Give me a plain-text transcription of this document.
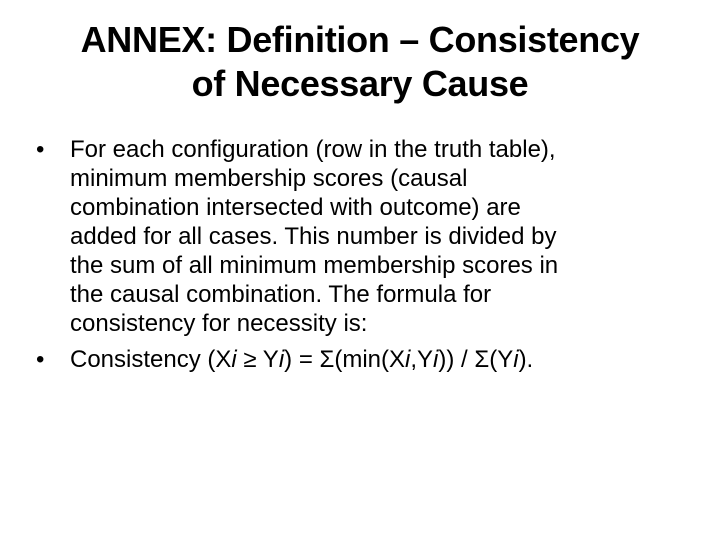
ANNEX: Definition – Consistency
of Necessary Cause
•	For each configuration (row in the truth table),
minimum membership scores (causal
combination intersected with outcome) are
added for all cases. This number is divided by
the sum of all minimum membership scores in
the causal combination. The formula for
consistency for necessity is:
•	Consistency (Xi ≥ Yi) = Σ(min(Xi,Yi)) / Σ(Yi).
